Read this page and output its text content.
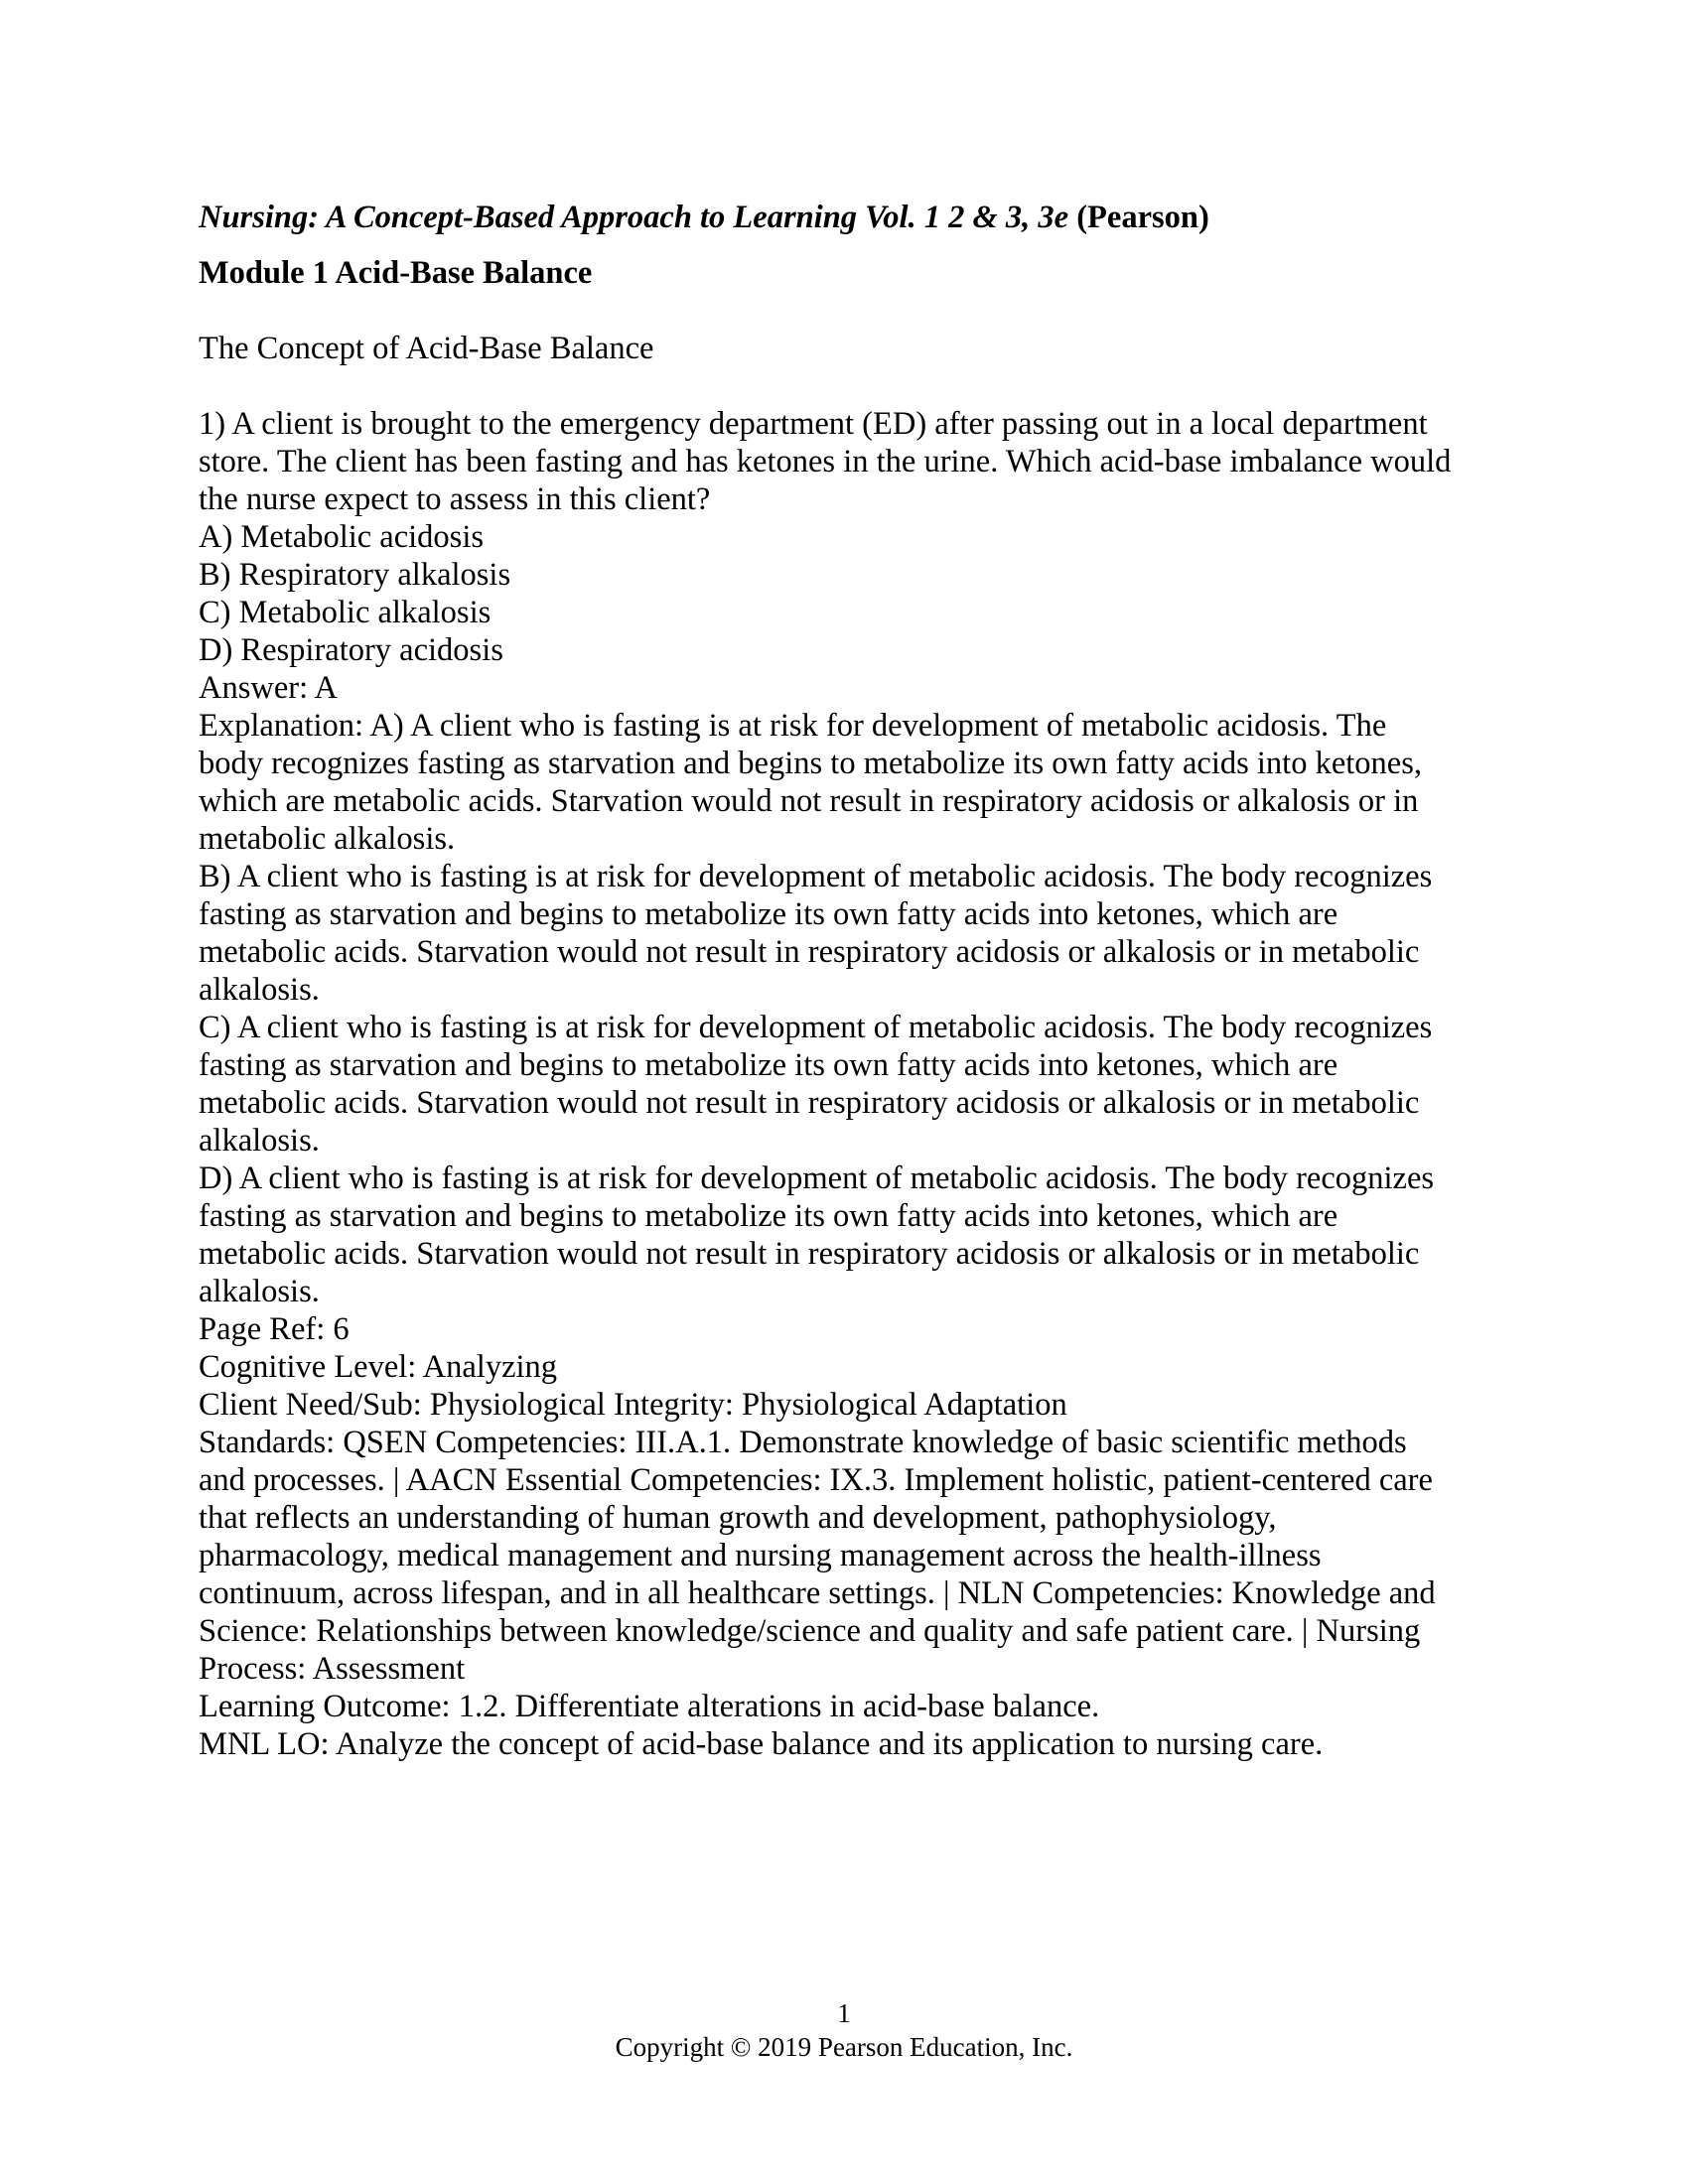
Nursing: A Concept-Based Approach to Learning Vol. 1 2 & 3, 3e (Pearson)
Module 1 Acid-Base Balance
The Concept of Acid-Base Balance
1) A client is brought to the emergency department (ED) after passing out in a local department
store. The client has been fasting and has ketones in the urine. Which acid-base imbalance would
the nurse expect to assess in this client?
A) Metabolic acidosis
B) Respiratory alkalosis
C) Metabolic alkalosis
D) Respiratory acidosis
Answer: A
Explanation: A) A client who is fasting is at risk for development of metabolic acidosis. The
body recognizes fasting as starvation and begins to metabolize its own fatty acids into ketones,
which are metabolic acids. Starvation would not result in respiratory acidosis or alkalosis or in
metabolic alkalosis.
B) A client who is fasting is at risk for development of metabolic acidosis. The body recognizes
fasting as starvation and begins to metabolize its own fatty acids into ketones, which are
metabolic acids. Starvation would not result in respiratory acidosis or alkalosis or in metabolic
alkalosis.
C) A client who is fasting is at risk for development of metabolic acidosis. The body recognizes
fasting as starvation and begins to metabolize its own fatty acids into ketones, which are
metabolic acids. Starvation would not result in respiratory acidosis or alkalosis or in metabolic
alkalosis.
D) A client who is fasting is at risk for development of metabolic acidosis. The body recognizes
fasting as starvation and begins to metabolize its own fatty acids into ketones, which are
metabolic acids. Starvation would not result in respiratory acidosis or alkalosis or in metabolic
alkalosis.
Page Ref: 6
Cognitive Level: Analyzing
Client Need/Sub: Physiological Integrity: Physiological Adaptation
Standards: QSEN Competencies: III.A.1. Demonstrate knowledge of basic scientific methods
and processes. | AACN Essential Competencies: IX.3. Implement holistic, patient-centered care
that reflects an understanding of human growth and development, pathophysiology,
pharmacology, medical management and nursing management across the health-illness
continuum, across lifespan, and in all healthcare settings. | NLN Competencies: Knowledge and
Science: Relationships between knowledge/science and quality and safe patient care. | Nursing
Process: Assessment
Learning Outcome: 1.2. Differentiate alterations in acid-base balance.
MNL LO: Analyze the concept of acid-base balance and its application to nursing care.
1
Copyright © 2019 Pearson Education, Inc.
